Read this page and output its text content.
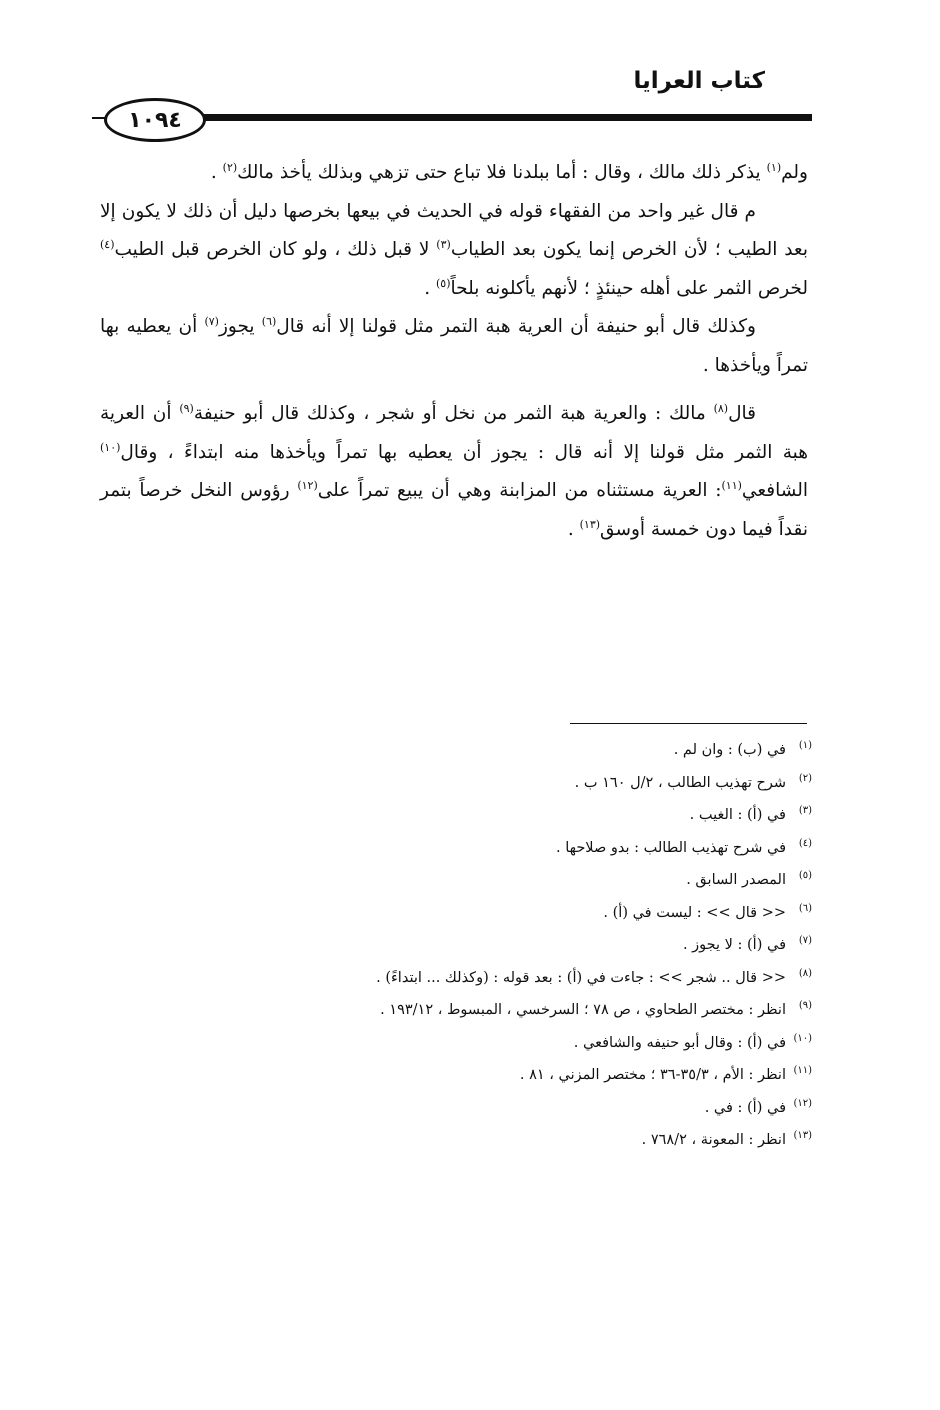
كتاب العرايا
١٠٩٤

ولم$^{(١)}$ يذكر ذلك مالك ، وقال : أما ببلدنا فلا تباع حتى تزهي وبذلك يأخذ مالك$^{(٢)}$ .

م قال غير واحد من الفقهاء قوله في الحديث في بيعها بخرصها دليل أن ذلك لا يكون إلا بعد الطيب ؛ لأن الخرص إنما يكون بعد الطياب$^{(٣)}$ لا قبل ذلك ، ولو كان الخرص قبل الطيب$^{(٤)}$ لخرص الثمر على أهله حينئذٍ ؛ لأنهم يأكلونه بلحاً$^{(٥)}$ .

وكذلك قال أبو حنيفة أن العرية هبة التمر مثل قولنا إلا أنه قال$^{(٦)}$ يجوز$^{(٧)}$ أن يعطيه بها تمراً ويأخذها .

قال$^{(٨)}$ مالك : والعرية هبة الثمر من نخل أو شجر ، وكذلك قال أبو حنيفة$^{(٩)}$ أن العرية هبة الثمر مثل قولنا إلا أنه قال : يجوز أن يعطيه بها تمراً ويأخذها منه ابتداءً ، وقال$^{(١٠)}$ الشافعي$^{(١١)}$: العرية مستثناه من المزابنة وهي أن يبيع تمراً على$^{(١٢)}$ رؤوس النخل خرصاً بتمر نقداً فيما دون خمسة أوسق$^{(١٣)}$ .

(١)
في (ب) : وان لم .
(٢)
شرح تهذيب الطالب ، ٢/ل ١٦٠ ب .
(٣)
في (أ) : الغيب .
(٤)
في شرح تهذيب الطالب : بدو صلاحها .
(٥)
المصدر السابق .
(٦)
<< قال >> : ليست في (أ) .
(٧)
في (أ) : لا يجوز .
(٨)
<< قال .. شجر >> : جاءت في (أ) : بعد قوله : (وكذلك ... ابتداءً) .
(٩)
انظر : مختصر الطحاوي ، ص ٧٨ ؛ السرخسي ، المبسوط ، ١٩٣/١٢ .
(١٠)
في (أ) : وقال أبو حنيفه والشافعي .
(١١)
انظر : الأم ، ٣٥/٣-٣٦ ؛ مختصر المزني ، ٨١ .
(١٢)
في (أ) : في .
(١٣)
انظر : المعونة ، ٧٦٨/٢ .
